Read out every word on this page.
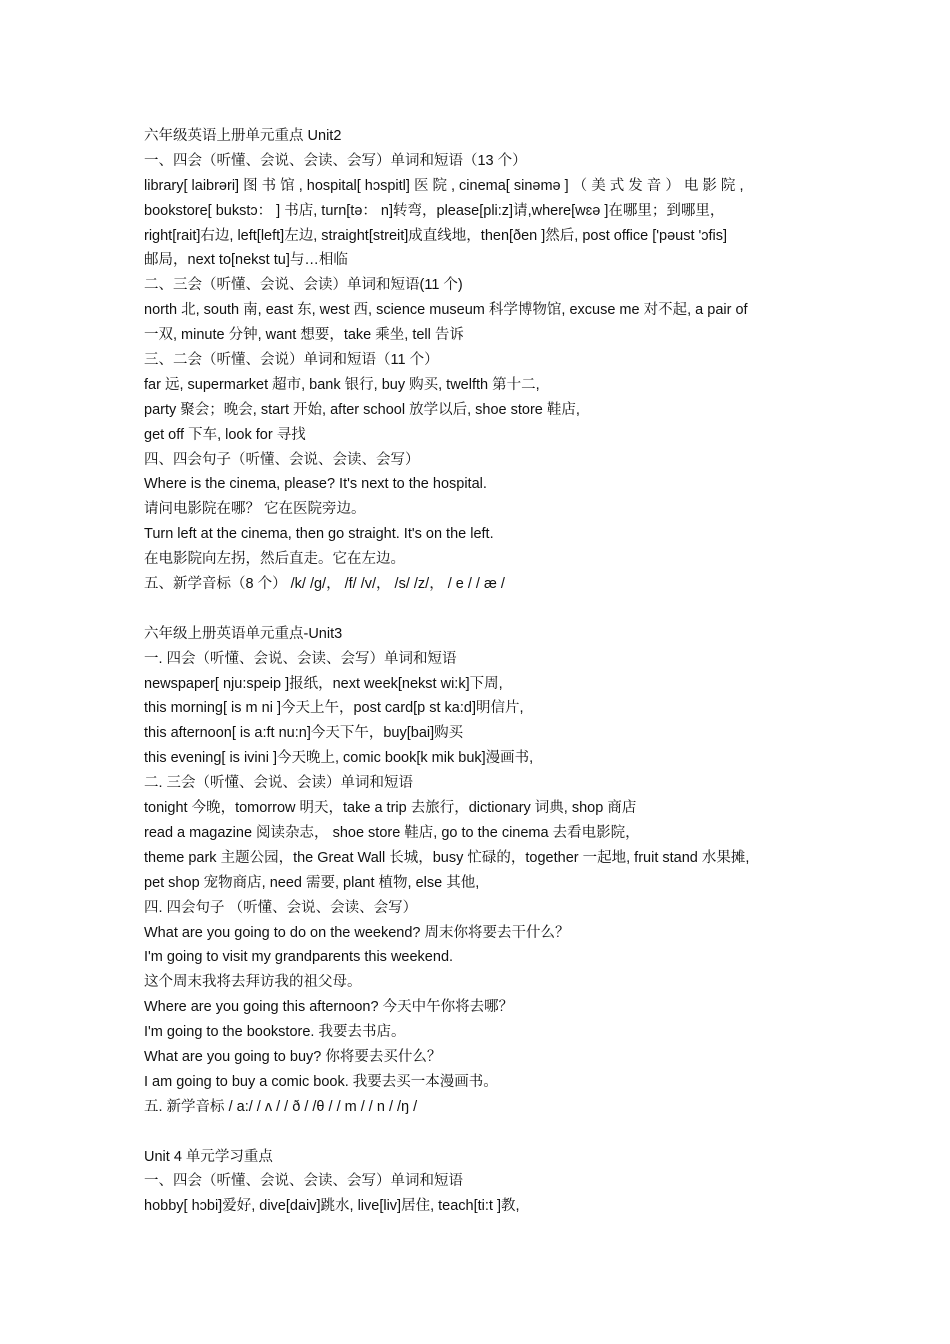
六年级英语上册单元重点 Unit2
一、四会（听懂、会说、会读、会写）单词和短语（13 个）
library[ laibrəri] 图 书 馆 , hospital[ hɔspitl] 医 院 , cinema[ sinəmə ] （ 美 式 发 音 ） 电 影 院 ,
bookstore[ bukstɔ： ] 书店, turn[tə： n]转弯，please[pli:z]请,where[wɛə ]在哪里；到哪里，
right[rait]右边, left[left]左边, straight[streit]成直线地，then[ðen ]然后, post office ['pəust 'ɔfis]
邮局，next to[nekst tu]与…相临
二、三会（听懂、会说、会读）单词和短语(11 个)
north 北, south 南, east 东, west 西, science museum 科学博物馆, excuse me 对不起, a pair of
一双, minute 分钟, want 想要，take 乘坐, tell 告诉
三、二会（听懂、会说）单词和短语（11 个）
far 远, supermarket 超市, bank 银行, buy 购买, twelfth 第十二,
party 聚会；晚会, start 开始, after school 放学以后, shoe store 鞋店,
get off 下车, look for 寻找
四、四会句子（听懂、会说、会读、会写）
Where is the cinema, please? It's next to the hospital.
请问电影院在哪？ 它在医院旁边。
Turn left at the cinema, then go straight. It's on the left.
在电影院向左拐，然后直走。它在左边。
五、新学音标（8 个） /k/ /g/， /f/ /v/， /s/ /z/， / e / / æ /
六年级上册英语单元重点-Unit3
一. 四会（听懂、会说、会读、会写）单词和短语
newspaper[ nju:speip ]报纸，next week[nekst wi:k]下周,
this morning[ is m ni ]今天上午，post card[p st ka:d]明信片,
this afternoon[ is a:ft nu:n]今天下午，buy[bai]购买
this evening[ is ivini ]今天晚上, comic book[k mik buk]漫画书,
二. 三会（听懂、会说、会读）单词和短语
tonight 今晚，tomorrow 明天，take a trip 去旅行，dictionary 词典, shop 商店
read a magazine 阅读杂志， shoe store 鞋店, go to the cinema 去看电影院，
theme park 主题公园，the Great Wall 长城，busy 忙碌的，together 一起地, fruit stand 水果摊,
pet shop 宠物商店, need 需要, plant 植物, else 其他,
四. 四会句子 （听懂、会说、会读、会写）
What are you going to do on the weekend? 周末你将要去干什么？
I'm going to visit my grandparents this weekend.
这个周末我将去拜访我的祖父母。
Where are you going this afternoon? 今天中午你将去哪？
I'm going to the bookstore. 我要去书店。
What are you going to buy? 你将要去买什么？
I am going to buy a comic book. 我要去买一本漫画书。
五. 新学音标 / a:/ / ʌ / / ð / /θ / / m / / n / /ŋ /
Unit 4 单元学习重点
一、四会（听懂、会说、会读、会写）单词和短语
hobby[ hɔbi]爱好, dive[daiv]跳水, live[liv]居住, teach[ti:t ]教,
